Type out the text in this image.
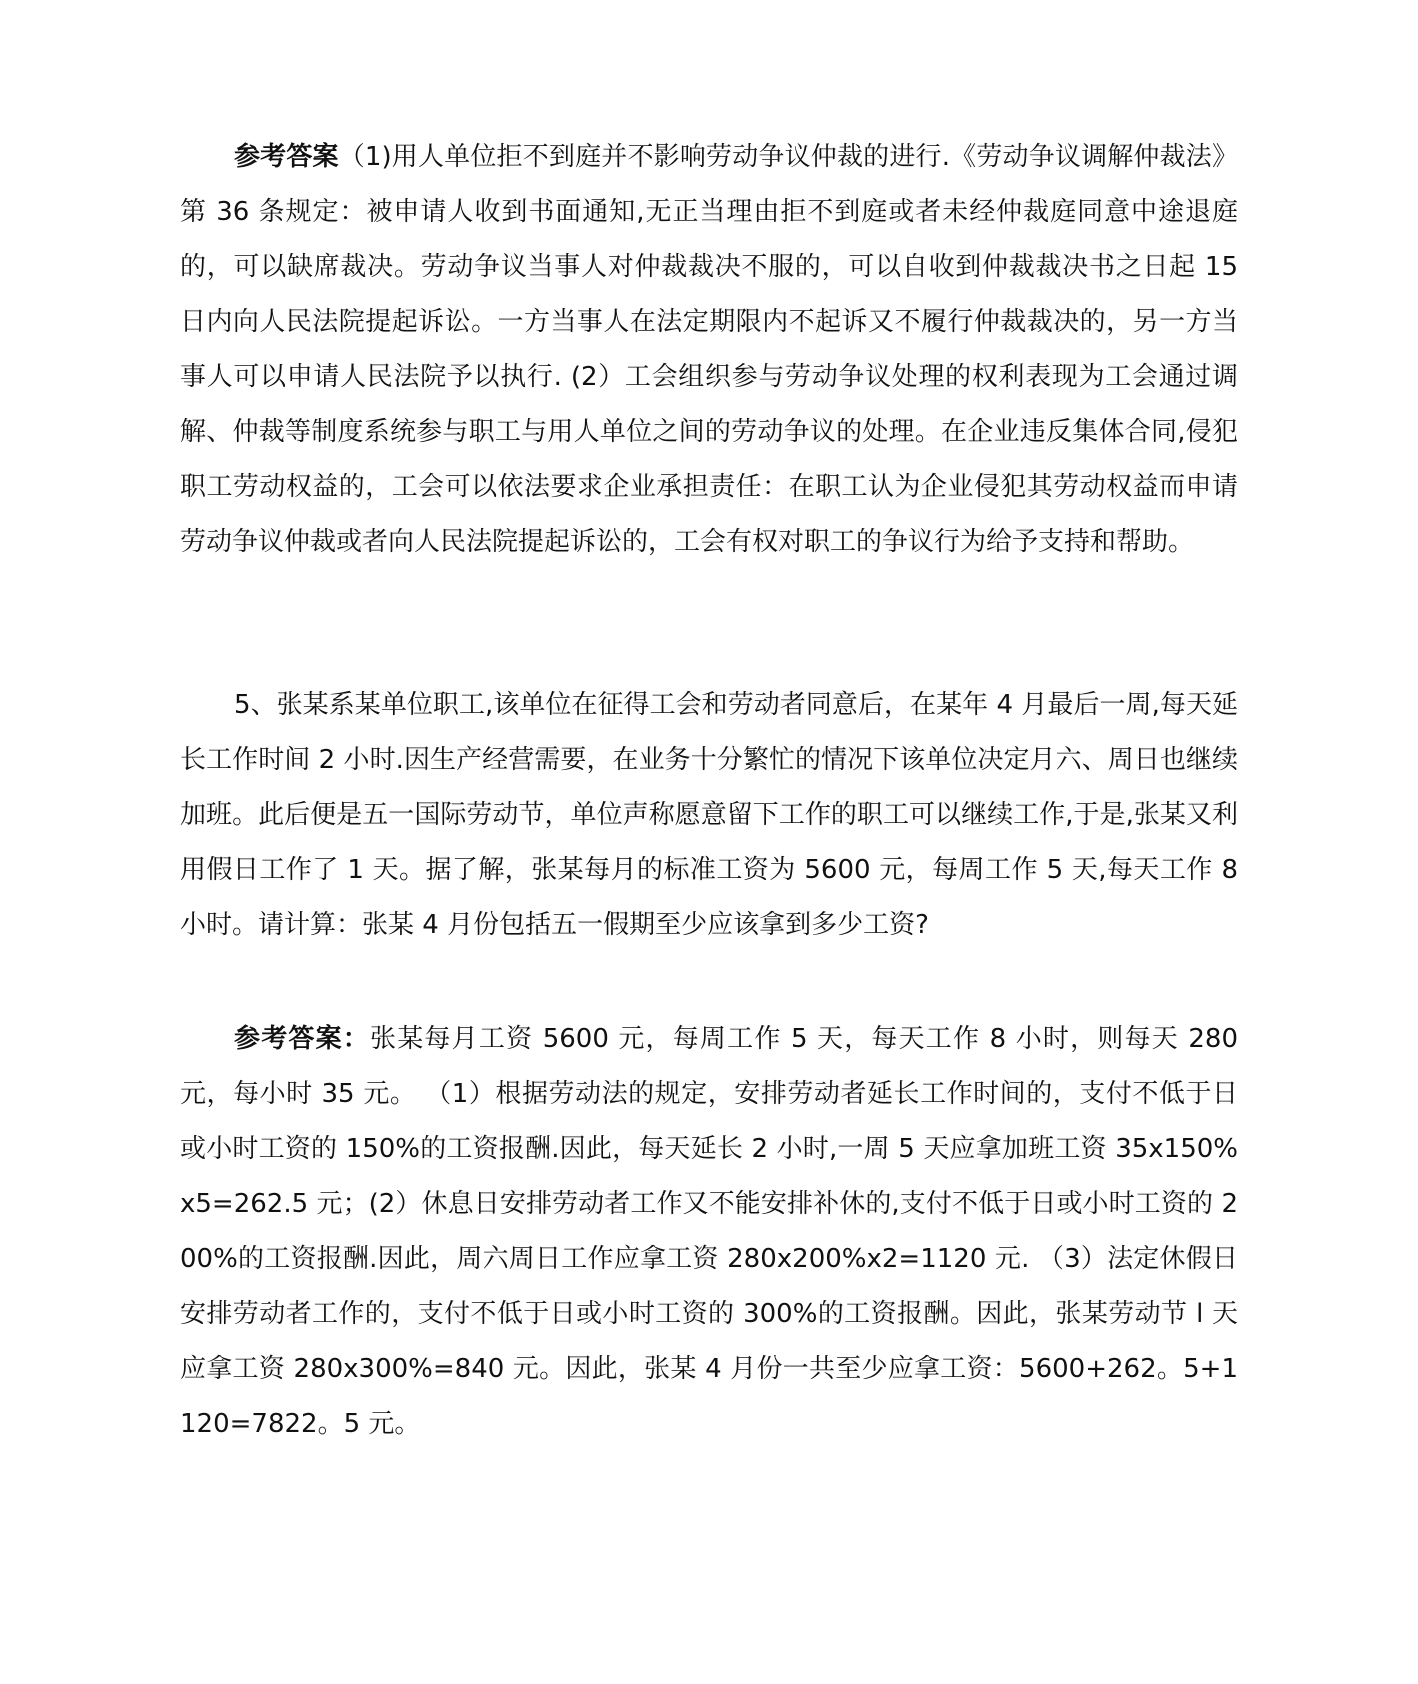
参考答案（1)用人单位拒不到庭并不影响劳动争议仲裁的进行.《劳动争议调解仲裁法》第 36 条规定：被申请人收到书面通知,无正当理由拒不到庭或者未经仲裁庭同意中途退庭的，可以缺席裁决。劳动争议当事人对仲裁裁决不服的，可以自收到仲裁裁决书之日起 15 日内向人民法院提起诉讼。一方当事人在法定期限内不起诉又不履行仲裁裁决的，另一方当事人可以申请人民法院予以执行. (2）工会组织参与劳动争议处理的权利表现为工会通过调解、仲裁等制度系统参与职工与用人单位之间的劳动争议的处理。在企业违反集体合同,侵犯职工劳动权益的，工会可以依法要求企业承担责任：在职工认为企业侵犯其劳动权益而申请劳动争议仲裁或者向人民法院提起诉讼的，工会有权对职工的争议行为给予支持和帮助。

5、张某系某单位职工,该单位在征得工会和劳动者同意后，在某年 4 月最后一周,每天延长工作时间 2 小时.因生产经营需要，在业务十分繁忙的情况下该单位决定月六、周日也继续加班。此后便是五一国际劳动节，单位声称愿意留下工作的职工可以继续工作,于是,张某又利用假日工作了 1 天。据了解，张某每月的标准工资为 5600 元，每周工作 5 天,每天工作 8 小时。请计算：张某 4 月份包括五一假期至少应该拿到多少工资?

参考答案：张某每月工资 5600 元，每周工作 5 天，每天工作 8 小时，则每天 280 元，每小时 35 元。 （1）根据劳动法的规定，安排劳动者延长工作时间的，支付不低于日或小时工资的 150%的工资报酬.因此，每天延长 2 小时,一周 5 天应拿加班工资 35x150% x5=262.5 元；(2）休息日安排劳动者工作又不能安排补休的,支付不低于日或小时工资的 200%的工资报酬.因此，周六周日工作应拿工资 280x200%x2=1120 元. （3）法定休假日安排劳动者工作的，支付不低于日或小时工资的 300%的工资报酬。因此，张某劳动节 l 天应拿工资 280x300%=840 元。因此，张某 4 月份一共至少应拿工资：5600+262。5+1120=7822。5 元。
